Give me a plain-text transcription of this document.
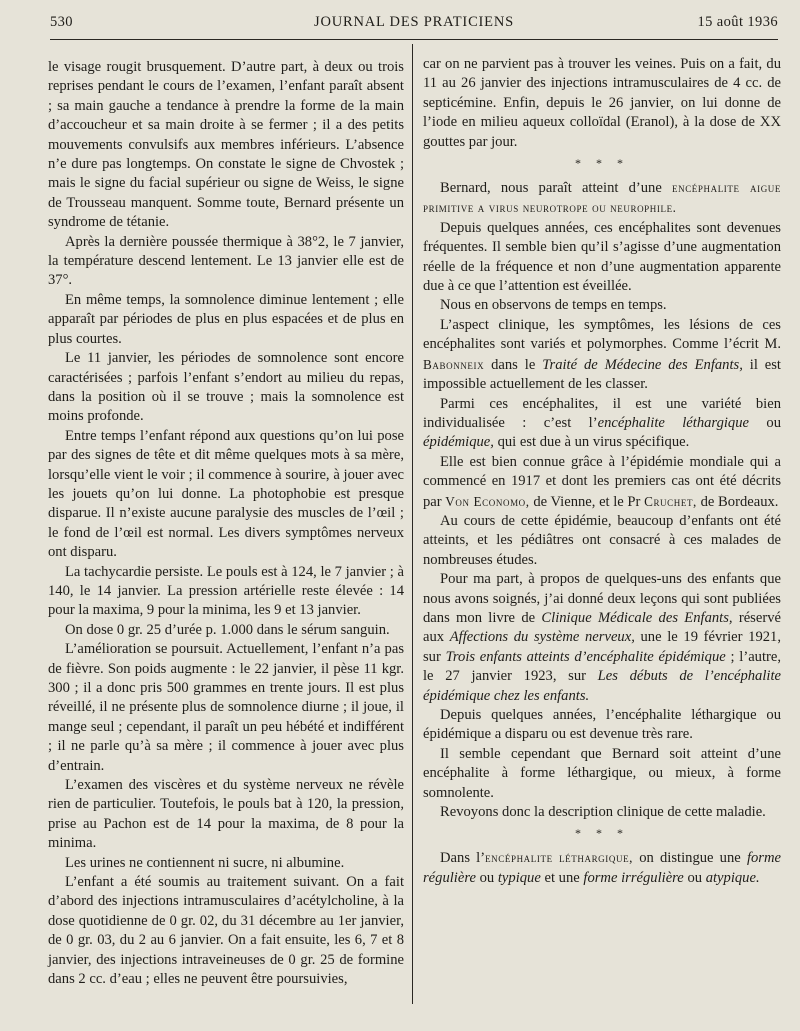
530	JOURNAL DES PRATICIENS	15 août 1936

le visage rougit brusquement. D’autre part, à deux ou trois reprises pendant le cours de l’examen, l’enfant paraît absent ; sa main gauche a tendance à prendre la forme de la main d’accoucheur et sa main droite à se fermer ; il a des petits mouvements convulsifs aux membres inférieurs. L’absence n’e dure pas longtemps. On constate le signe de Chvostek ; mais le signe du facial supérieur ou signe de Weiss, le signe de Trousseau manquent. Somme toute, Bernard présente un syndrome de tétanie.

Après la dernière poussée thermique à 38°2, le 7 janvier, la température descend lentement. Le 13 janvier elle est de 37°.

En même temps, la somnolence diminue lentement ; elle apparaît par périodes de plus en plus espacées et de plus en plus courtes.

Le 11 janvier, les périodes de somnolence sont encore caractérisées ; parfois l’enfant s’endort au milieu du repas, dans la position où il se trouve ; mais la somnolence est moins profonde.

Entre temps l’enfant répond aux questions qu’on lui pose par des signes de tête et dit même quelques mots à sa mère, lorsqu’elle vient le voir ; il commence à sourire, à jouer avec les jouets qu’on lui donne. La photophobie est presque disparue. Il n’existe aucune paralysie des muscles de l’œil ; le fond de l’œil est normal. Les divers symptômes nerveux ont disparu.

La tachycardie persiste. Le pouls est à 124, le 7 janvier ; à 140, le 14 janvier. La pression artérielle reste élevée : 14 pour la maxima, 9 pour la minima, les 9 et 13 janvier.

On dose 0 gr. 25 d’urée p. 1.000 dans le sérum sanguin.

L’amélioration se poursuit. Actuellement, l’enfant n’a pas de fièvre. Son poids augmente : le 22 janvier, il pèse 11 kgr. 300 ; il a donc pris 500 grammes en trente jours. Il est plus réveillé, il ne présente plus de somnolence diurne ; il joue, il mange seul ; cependant, il paraît un peu hébété et indifférent ; il ne parle qu’à sa mère ; il commence à jouer avec plus d’entrain.

L’examen des viscères et du système nerveux ne révèle rien de particulier. Toutefois, le pouls bat à 120, la pression, prise au Pachon est de 14 pour la maxima, de 8 pour la minima.

Les urines ne contiennent ni sucre, ni albumine.

L’enfant a été soumis au traitement suivant. On a fait d’abord des injections intramusculaires d’acétylcholine, à la dose quotidienne de 0 gr. 02, du 31 décembre au 1er janvier, de 0 gr. 03, du 2 au 6 janvier. On a fait ensuite, les 6, 7 et 8 janvier, des injections intraveineuses de 0 gr. 25 de formine dans 2 cc. d’eau ; elles ne peuvent être poursuivies,

car on ne parvient pas à trouver les veines. Puis on a fait, du 11 au 26 janvier des injections intramusculaires de 4 cc. de septicémine. Enfin, depuis le 26 janvier, on lui donne de l’iode en milieu aqueux colloïdal (Eranol), à la dose de XX gouttes par jour.

* * *

Bernard, nous paraît atteint d’une encéphalite aigue primitive a virus neurotrope ou neurophile.

Depuis quelques années, ces encéphalites sont devenues fréquentes. Il semble bien qu’il s’agisse d’une augmentation réelle de la fréquence et non d’une augmentation apparente due à ce que l’attention est éveillée.

Nous en observons de temps en temps.

L’aspect clinique, les symptômes, les lésions de ces encéphalites sont variés et polymorphes. Comme l’écrit M. Babonneix dans le Traité de Médecine des Enfants, il est impossible actuellement de les classer.

Parmi ces encéphalites, il est une variété bien individualisée : c’est l’encéphalite léthargique ou épidémique, qui est due à un virus spécifique.

Elle est bien connue grâce à l’épidémie mondiale qui a commencé en 1917 et dont les premiers cas ont été décrits par Von Economo, de Vienne, et le Pr Cruchet, de Bordeaux.

Au cours de cette épidémie, beaucoup d’enfants ont été atteints, et les pédiâtres ont consacré à ces malades de nombreuses études.

Pour ma part, à propos de quelques-uns des enfants que nous avons soignés, j’ai donné deux leçons qui sont publiées dans mon livre de Clinique Médicale des Enfants, réservé aux Affections du système nerveux, une le 19 février 1921, sur Trois enfants atteints d’encéphalite épidémique ; l’autre, le 27 janvier 1923, sur Les débuts de l’encéphalite épidémique chez les enfants.

Depuis quelques années, l’encéphalite léthargique ou épidémique a disparu ou est devenue très rare.

Il semble cependant que Bernard soit atteint d’une encéphalite à forme léthargique, ou mieux, à forme somnolente.

Revoyons donc la description clinique de cette maladie.

* * *

Dans l’encéphalite léthargique, on distingue une forme régulière ou typique et une forme irrégulière ou atypique.
